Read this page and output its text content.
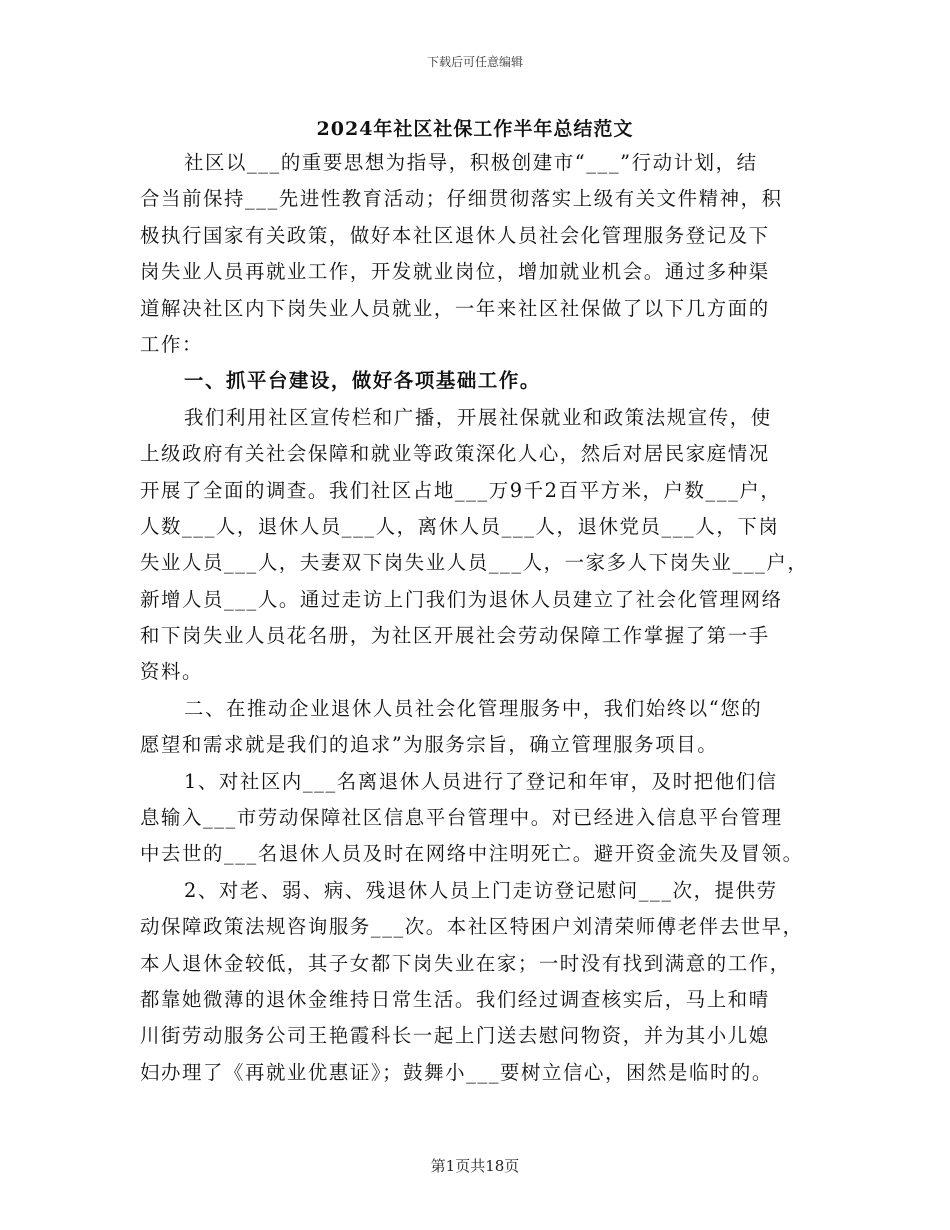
下载后可任意编辑
2024年社区社保工作半年总结范文
社区以___的重要思想为指导，积极创建市“___”行动计划，结
合当前保持___先进性教育活动；仔细贯彻落实上级有关文件精神，积
极执行国家有关政策，做好本社区退休人员社会化管理服务登记及下
岗失业人员再就业工作，开发就业岗位，增加就业机会。通过多种渠
道解决社区内下岗失业人员就业，一年来社区社保做了以下几方面的
工作：
一、抓平台建设，做好各项基础工作。
我们利用社区宣传栏和广播，开展社保就业和政策法规宣传，使
上级政府有关社会保障和就业等政策深化人心，然后对居民家庭情况
开展了全面的调查。我们社区占地___万9千2百平方米，户数___户，
人数___人，退休人员___人，离休人员___人，退休党员___人，下岗
失业人员___人，夫妻双下岗失业人员___人，一家多人下岗失业___户，
新增人员___人。通过走访上门我们为退休人员建立了社会化管理网络
和下岗失业人员花名册，为社区开展社会劳动保障工作掌握了第一手
资料。
二、在推动企业退休人员社会化管理服务中，我们始终以“您的
愿望和需求就是我们的追求”为服务宗旨，确立管理服务项目。
1、对社区内___名离退休人员进行了登记和年审，及时把他们信
息输入___市劳动保障社区信息平台管理中。对已经进入信息平台管理
中去世的___名退休人员及时在网络中注明死亡。避开资金流失及冒领。
2、对老、弱、病、残退休人员上门走访登记慰问___次，提供劳
动保障政策法规咨询服务___次。本社区特困户刘清荣师傅老伴去世早，
本人退休金较低，其子女都下岗失业在家；一时没有找到满意的工作，
都靠她微薄的退休金维持日常生活。我们经过调查核实后，马上和晴
川街劳动服务公司王艳霞科长一起上门送去慰问物资，并为其小儿媳
妇办理了《再就业优惠证》；鼓舞小___要树立信心，困然是临时的。
第1页共18页
